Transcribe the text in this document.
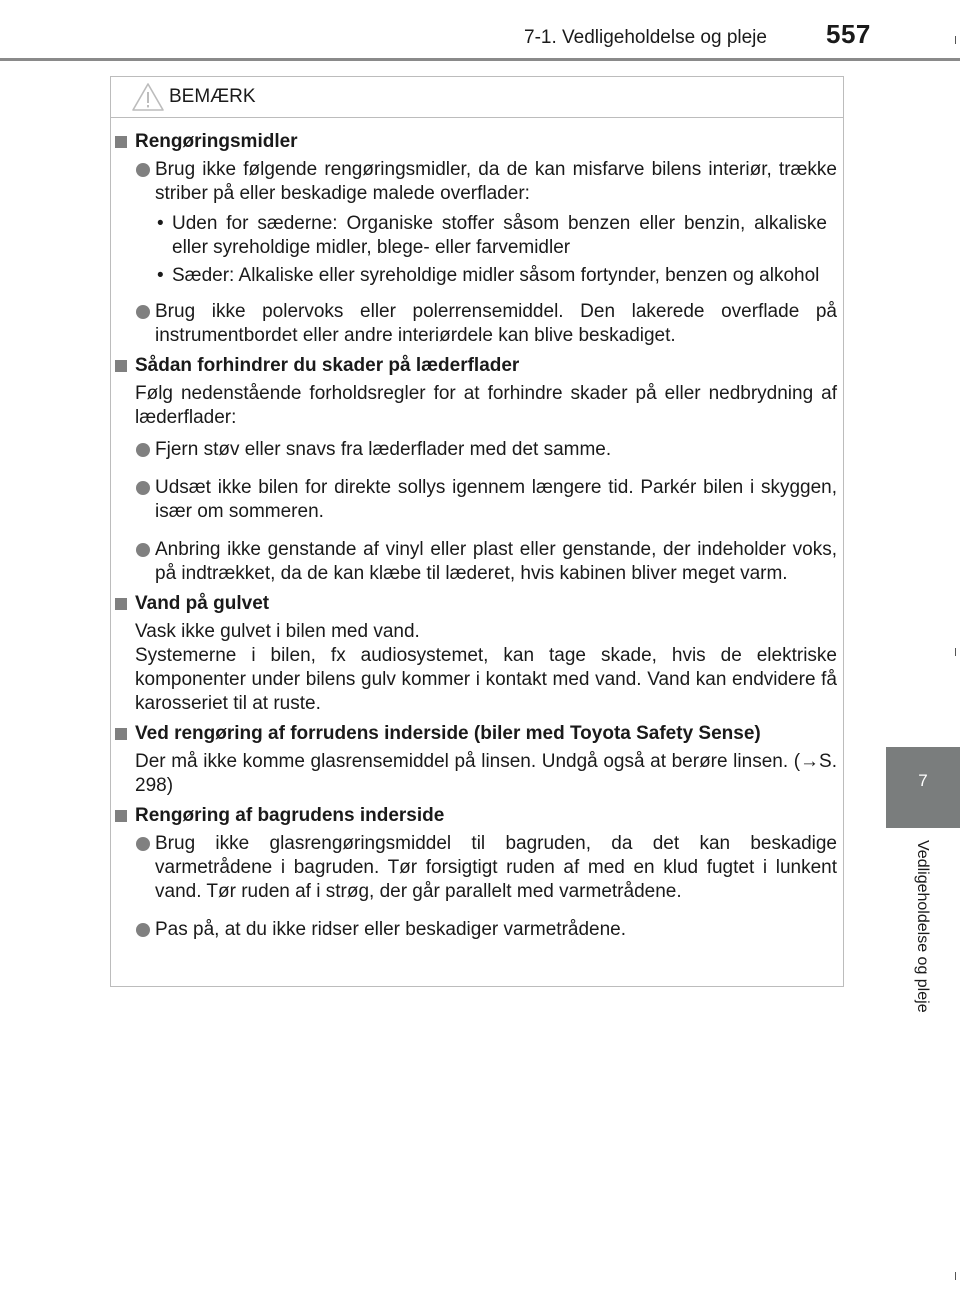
7-1. Vedligeholdelse og pleje 557
7
Vedligeholdelse og pleje
BEMÆRK
Rengøringsmidler
Brug ikke følgende rengøringsmidler, da de kan misfarve bilens interiør, trække striber på eller beskadige malede overflader:
• Uden for sæderne: Organiske stoffer såsom benzen eller benzin, alkaliske eller syreholdige midler, blege- eller farvemidler
• Sæder: Alkaliske eller syreholdige midler såsom fortynder, benzen og alkohol
Brug ikke polervoks eller polerrensemiddel. Den lakerede overflade på instrumentbordet eller andre interiørdele kan blive beskadiget.
Sådan forhindrer du skader på læderflader
Følg nedenstående forholdsregler for at forhindre skader på eller nedbrydning af læderflader:
Fjern støv eller snavs fra læderflader med det samme.
Udsæt ikke bilen for direkte sollys igennem længere tid. Parkér bilen i skyggen, især om sommeren.
Anbring ikke genstande af vinyl eller plast eller genstande, der indeholder voks, på indtrækket, da de kan klæbe til læderet, hvis kabinen bliver meget varm.
Vand på gulvet
Vask ikke gulvet i bilen med vand.
Systemerne i bilen, fx audiosystemet, kan tage skade, hvis de elektriske komponenter under bilens gulv kommer i kontakt med vand. Vand kan endvidere få karosseriet til at ruste.
Ved rengøring af forrudens inderside (biler med Toyota Safety Sense)
Der må ikke komme glasrensemiddel på linsen. Undgå også at berøre linsen. (→S. 298)
Rengøring af bagrudens inderside
Brug ikke glasrengøringsmiddel til bagruden, da det kan beskadige varmetrådene i bagruden. Tør forsigtigt ruden af med en klud fugtet i lunkent vand. Tør ruden af i strøg, der går parallelt med varmetrådene.
Pas på, at du ikke ridser eller beskadiger varmetrådene.
